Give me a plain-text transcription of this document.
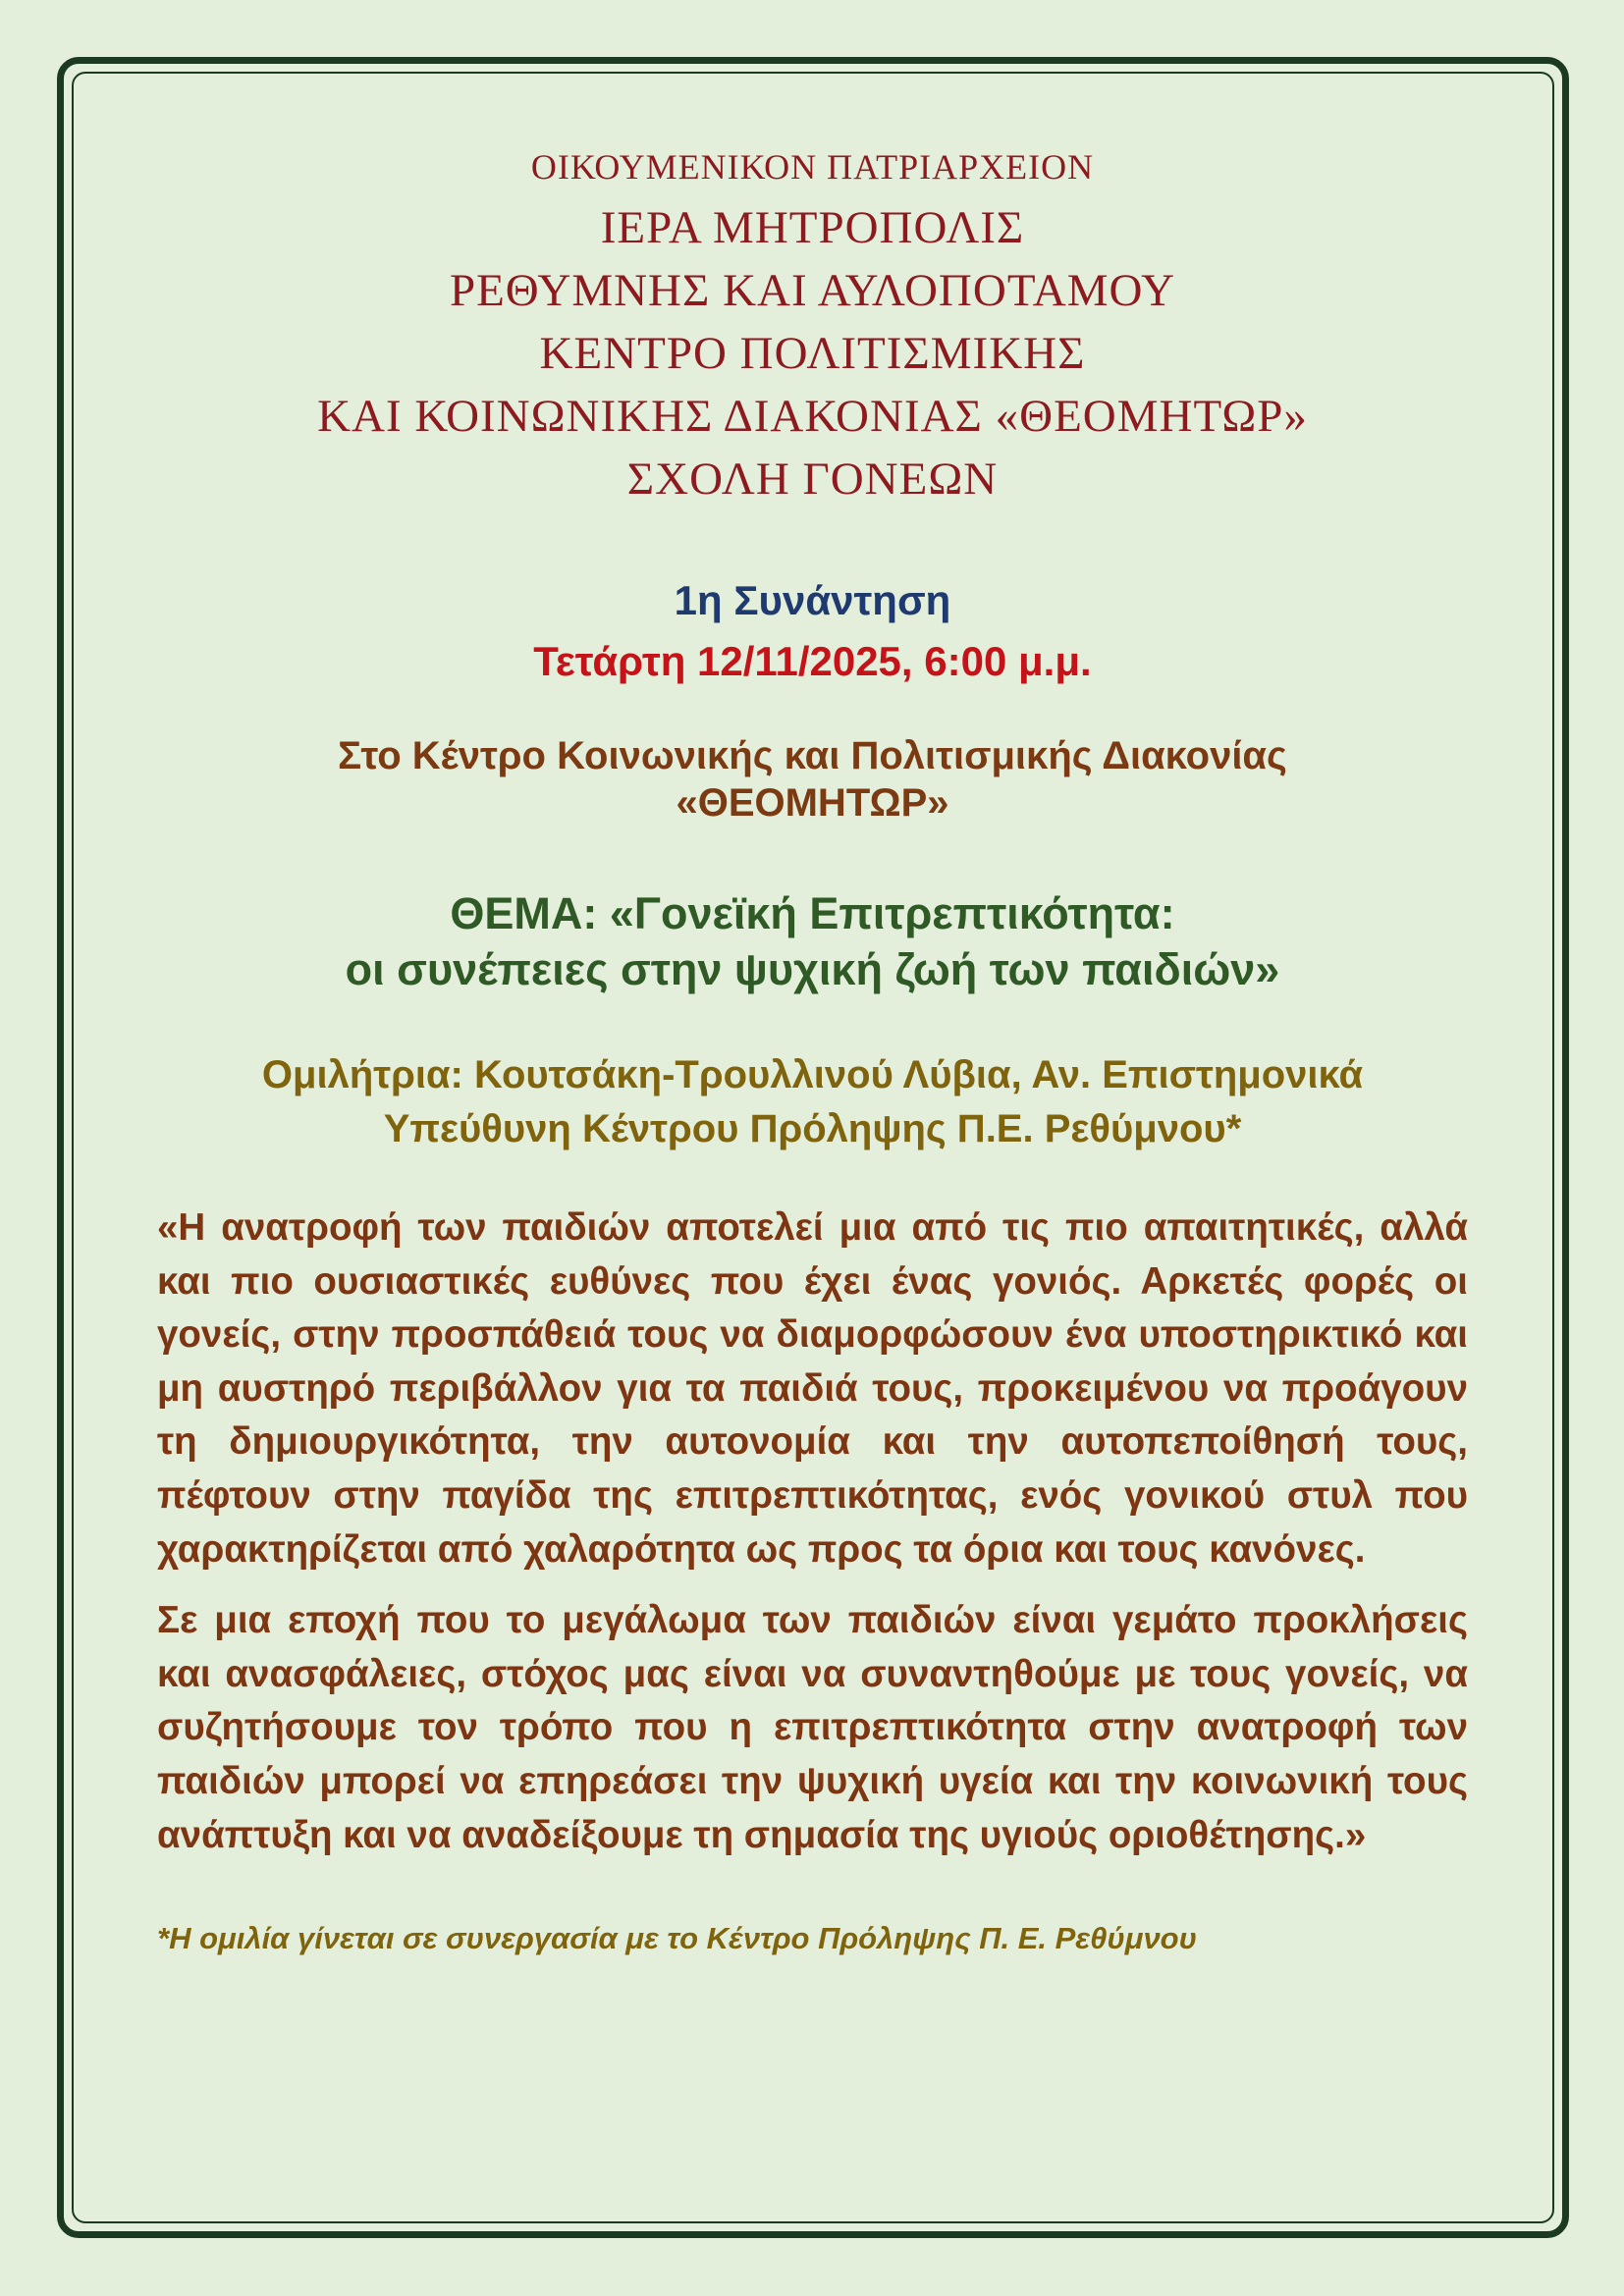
ΟΙΚΟΥΜΕΝΙΚΟΝ ΠΑΤΡΙΑΡΧΕΙΟΝ

ΙΕΡΑ ΜΗΤΡΟΠΟΛΙΣ

ΡΕΘΥΜΝΗΣ ΚΑΙ ΑΥΛΟΠΟΤΑΜΟΥ

ΚΕΝΤΡΟ ΠΟΛΙΤΙΣΜΙΚΗΣ

ΚΑΙ ΚΟΙΝΩΝΙΚΗΣ ΔΙΑΚΟΝΙΑΣ «ΘΕΟΜΗΤΩΡ»

ΣΧΟΛΗ ΓΟΝΕΩΝ

1η Συνάντηση
Τετάρτη 12/11/2025, 6:00 μ.μ.
Στο Κέντρο Κοινωνικής και Πολιτισμικής Διακονίας
«ΘΕΟΜΗΤΩΡ»
ΘΕΜΑ: «Γονεϊκή Επιτρεπτικότητα:
οι συνέπειες στην ψυχική ζωή των παιδιών»
Ομιλήτρια: Κουτσάκη-Τρουλλινού Λύβια, Αν. Επιστημονικά
Υπεύθυνη Κέντρου Πρόληψης Π.Ε. Ρεθύμνου*

«Η ανατροφή των παιδιών αποτελεί μια από τις πιο απαιτητικές, αλλά και πιο ουσιαστικές ευθύνες που έχει ένας γονιός. Αρκετές φορές οι γονείς, στην προσπάθειά τους να διαμορφώσουν ένα υποστηρικτικό και μη αυστηρό περιβάλλον για τα παιδιά τους, προκειμένου να προάγουν τη δημιουργικότητα, την αυτονομία και την αυτοπεποίθησή τους, πέφτουν στην παγίδα της επιτρεπτικότητας, ενός γονικού στυλ που χαρακτηρίζεται από χαλαρότητα ως προς τα όρια και τους κανόνες.

Σε μια εποχή που το μεγάλωμα των παιδιών είναι γεμάτο προκλήσεις και ανασφάλειες, στόχος μας είναι να συναντηθούμε με τους γονείς, να συζητήσουμε τον τρόπο που η επιτρεπτικότητα στην ανατροφή των παιδιών μπορεί να επηρεάσει την ψυχική υγεία και την κοινωνική τους ανάπτυξη και να αναδείξουμε τη σημασία της υγιούς οριοθέτησης.»

*Η ομιλία γίνεται σε συνεργασία με το Κέντρο Πρόληψης Π. Ε. Ρεθύμνου
